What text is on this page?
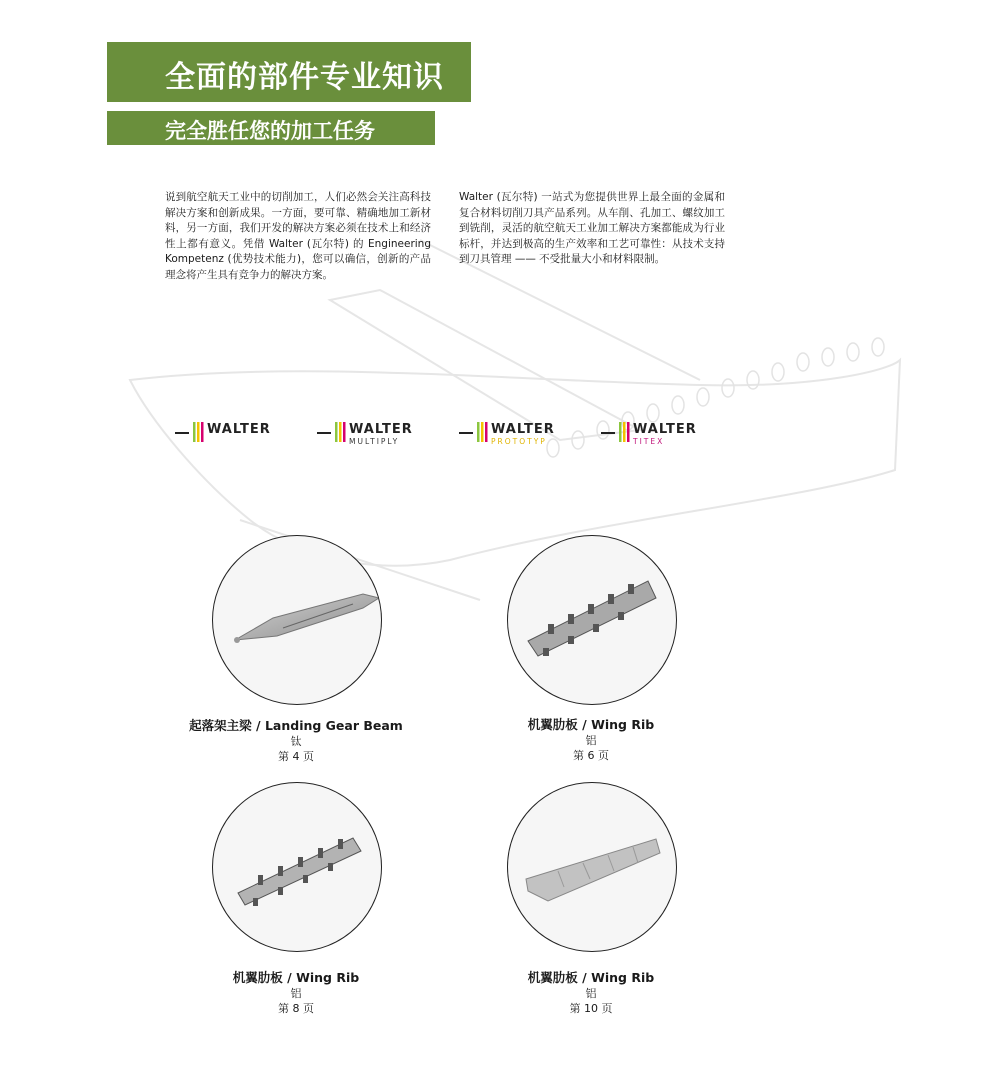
全面的部件专业知识
完全胜任您的加工任务
说到航空航天工业中的切削加工，人们必然会关注高科技解决方案和创新成果。一方面，要可靠、精确地加工新材料，另一方面，我们开发的解决方案必须在技术上和经济性上都有意义。凭借 Walter (瓦尔特) 的 Engineering Kompetenz (优势技术能力)，您可以确信，创新的产品理念将产生具有竞争力的解决方案。
Walter (瓦尔特) 一站式为您提供世界上最全面的金属和复合材料切削刀具产品系列。从车削、孔加工、螺纹加工到铣削，灵活的航空航天工业加工解决方案都能成为行业标杆，并达到极高的生产效率和工艺可靠性：从技术支持到刀具管理 —— 不受批量大小和材料限制。
WALTER	WALTER
MULTIPLY
WALTER
PROTOTYP
WALTER
TITEX
起落架主梁 / Landing Gear Beam
钛
第 4 页
机翼肋板 / Wing Rib
铝
第 6 页
机翼肋板 / Wing Rib
铝
第 8 页
机翼肋板 / Wing Rib
铝
第 10 页
